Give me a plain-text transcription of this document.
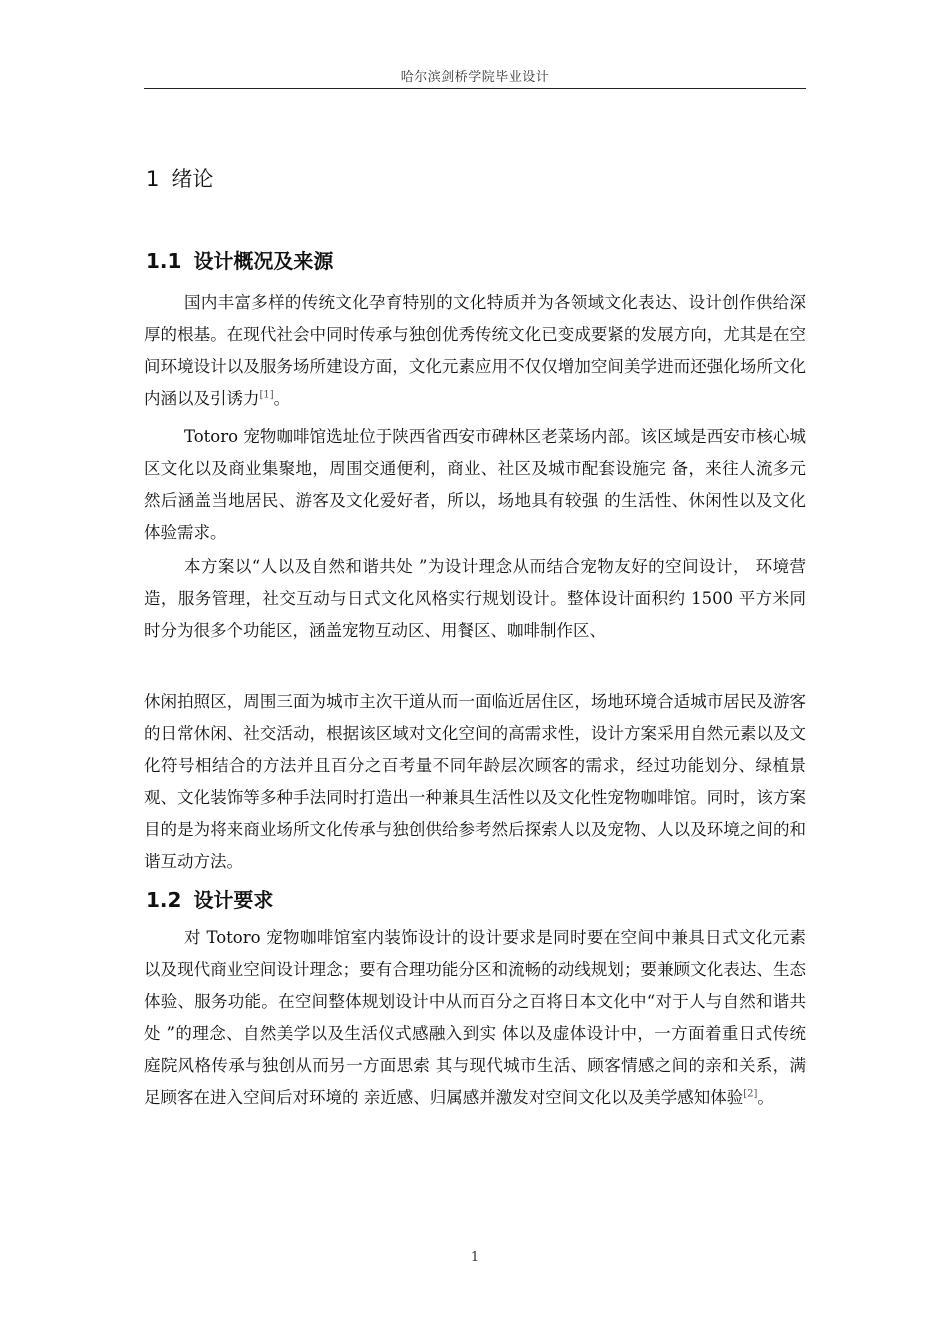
哈尔滨剑桥学院毕业设计
1 绪论
1.1 设计概况及来源

国内丰富多样的传统文化孕育特别的文化特质并为各领域文化表达、设计创作供给深厚的根基。在现代社会中同时传承与独创优秀传统文化已变成要紧的发展方向，尤其是在空间环境设计以及服务场所建设方面，文化元素应用不仅仅增加空间美学进而还强化场所文化内涵以及引诱力[1]。

Totoro 宠物咖啡馆选址位于陕西省西安市碑林区老菜场内部。该区域是西安市核心城区文化以及商业集聚地，周围交通便利，商业、社区及城市配套设施完 备，来往人流多元然后涵盖当地居民、游客及文化爱好者，所以，场地具有较强 的生活性、休闲性以及文化体验需求。

本方案以“人以及自然和谐共处 ”为设计理念从而结合宠物友好的空间设计， 环境营造，服务管理，社交互动与日式文化风格实行规划设计。整体设计面积约 1500 平方米同时分为很多个功能区，涵盖宠物互动区、用餐区、咖啡制作区、

休闲拍照区，周围三面为城市主次干道从而一面临近居住区，场地环境合适城市居民及游客的日常休闲、社交活动，根据该区域对文化空间的高需求性，设计方案采用自然元素以及文化符号相结合的方法并且百分之百考量不同年龄层次顾客的需求，经过功能划分、绿植景观、文化装饰等多种手法同时打造出一种兼具生活性以及文化性宠物咖啡馆。同时，该方案目的是为将来商业场所文化传承与独创供给参考然后探索人以及宠物、人以及环境之间的和谐互动方法。

1.2 设计要求

对 Totoro 宠物咖啡馆室内装饰设计的设计要求是同时要在空间中兼具日式文化元素以及现代商业空间设计理念；要有合理功能分区和流畅的动线规划；要兼顾文化表达、生态体验、服务功能。在空间整体规划设计中从而百分之百将日本文化中“对于人与自然和谐共处 ”的理念、自然美学以及生活仪式感融入到实 体以及虚体设计中，一方面着重日式传统庭院风格传承与独创从而另一方面思索 其与现代城市生活、顾客情感之间的亲和关系，满足顾客在进入空间后对环境的 亲近感、归属感并激发对空间文化以及美学感知体验[2]。

1
